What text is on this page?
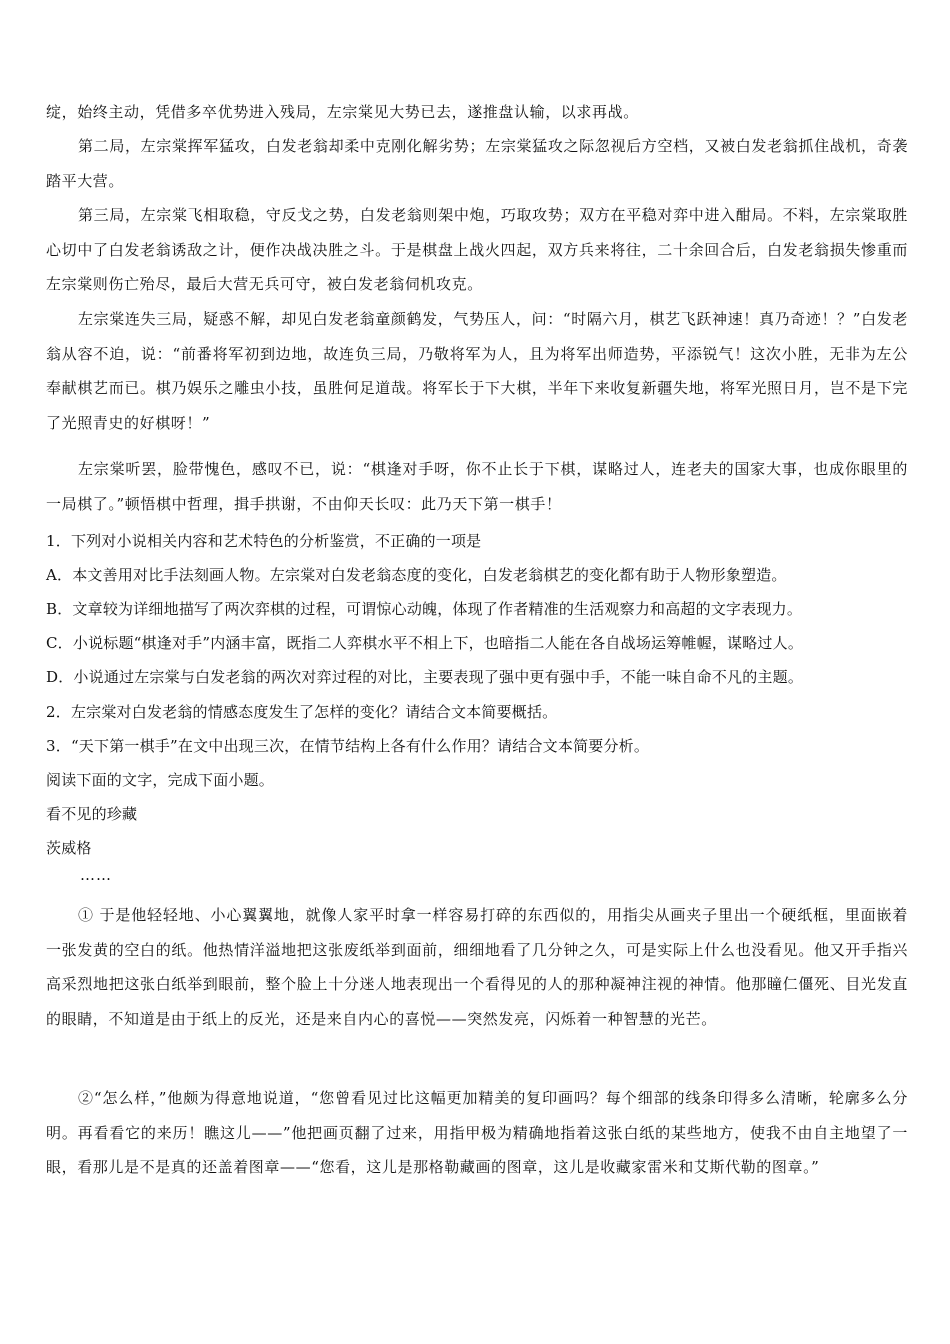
绽，始终主动，凭借多卒优势进入残局，左宗棠见大势已去，遂推盘认输，以求再战。

第二局，左宗棠挥军猛攻，白发老翁却柔中克刚化解劣势；左宗棠猛攻之际忽视后方空档，又被白发老翁抓住战机，奇袭踏平大营。

第三局，左宗棠飞相取稳，守反戈之势，白发老翁则架中炮，巧取攻势；双方在平稳对弈中进入酣局。不料，左宗棠取胜心切中了白发老翁诱敌之计，便作决战决胜之斗。于是棋盘上战火四起，双方兵来将往，二十余回合后，白发老翁损失惨重而左宗棠则伤亡殆尽，最后大营无兵可守，被白发老翁伺机攻克。

左宗棠连失三局，疑惑不解，却见白发老翁童颜鹤发，气势压人，问：“时隔六月，棋艺飞跃神速！真乃奇迹！？”白发老翁从容不迫，说：“前番将军初到边地，故连负三局，乃敬将军为人，且为将军出师造势，平添锐气！这次小胜，无非为左公奉献棋艺而已。棋乃娱乐之雕虫小技，虽胜何足道哉。将军长于下大棋，半年下来收复新疆失地，将军光照日月，岂不是下完了光照青史的好棋呀！”

左宗棠听罢，脸带愧色，感叹不已，说：“棋逢对手呀，你不止长于下棋，谋略过人，连老夫的国家大事，也成你眼里的一局棋了。”顿悟棋中哲理，揖手拱谢，不由仰天长叹：此乃天下第一棋手！

1．下列对小说相关内容和艺术特色的分析鉴赏，不正确的一项是
A．本文善用对比手法刻画人物。左宗棠对白发老翁态度的变化，白发老翁棋艺的变化都有助于人物形象塑造。
B．文章较为详细地描写了两次弈棋的过程，可谓惊心动魄，体现了作者精准的生活观察力和高超的文字表现力。
C．小说标题“棋逢对手”内涵丰富，既指二人弈棋水平不相上下，也暗指二人能在各自战场运筹帷幄，谋略过人。
D．小说通过左宗棠与白发老翁的两次对弈过程的对比，主要表现了强中更有强中手，不能一味自命不凡的主题。
2．左宗棠对白发老翁的情感态度发生了怎样的变化？请结合文本简要概括。
3．“天下第一棋手”在文中出现三次，在情节结构上各有什么作用？请结合文本简要分析。
阅读下面的文字，完成下面小题。
看不见的珍藏
茨威格
……

① 于是他轻轻地、小心翼翼地，就像人家平时拿一样容易打碎的东西似的，用指尖从画夹子里出一个硬纸框，里面嵌着一张发黄的空白的纸。他热情洋溢地把这张废纸举到面前，细细地看了几分钟之久，可是实际上什么也没看见。他又开手指兴高采烈地把这张白纸举到眼前，整个脸上十分迷人地表现出一个看得见的人的那种凝神注视的神情。他那瞳仁僵死、目光发直的眼睛，不知道是由于纸上的反光，还是来自内心的喜悦——突然发亮，闪烁着一种智慧的光芒。

②“怎么样，”他颇为得意地说道，“您曾看见过比这幅更加精美的复印画吗？每个细部的线条印得多么清晰，轮廓多么分明。再看看它的来历！瞧这儿——”他把画页翻了过来，用指甲极为精确地指着这张白纸的某些地方，使我不由自主地望了一眼，看那儿是不是真的还盖着图章——“您看，这儿是那格勒藏画的图章，这儿是收藏家雷米和艾斯代勒的图章。”
